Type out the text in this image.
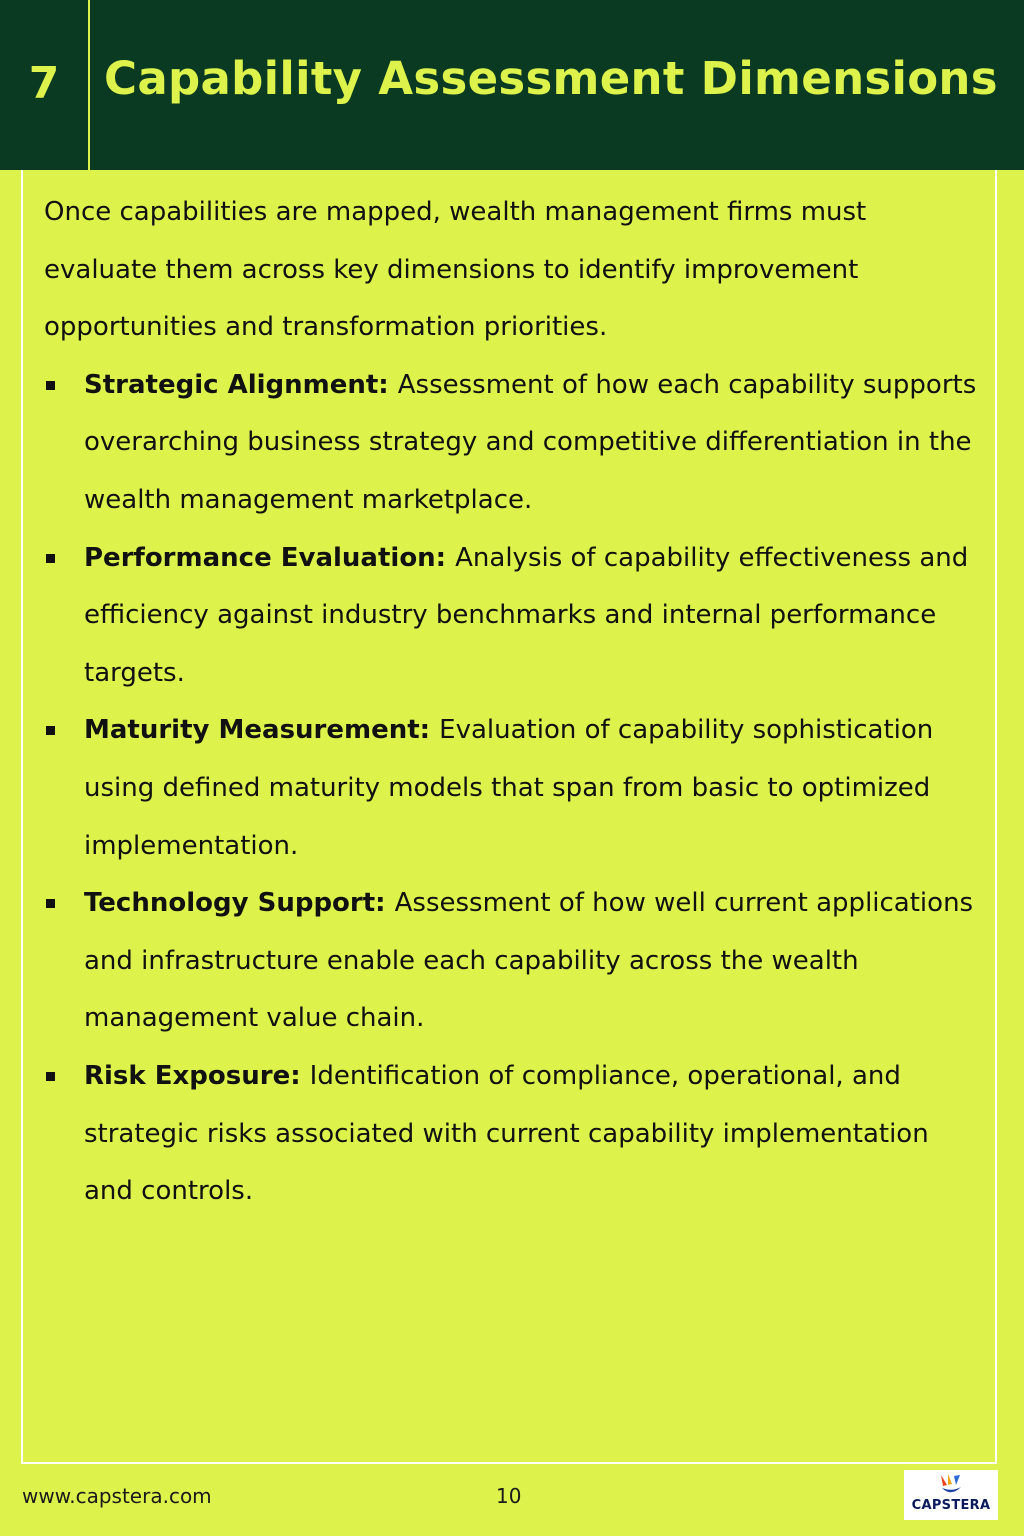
7 Capability Assessment Dimensions

Once capabilities are mapped, wealth management firms must evaluate them across key dimensions to identify improvement opportunities and transformation priorities.

Strategic Alignment: Assessment of how each capability supports overarching business strategy and competitive differentiation in the wealth management marketplace.
Performance Evaluation: Analysis of capability effectiveness and efficiency against industry benchmarks and internal performance targets.
Maturity Measurement: Evaluation of capability sophistication using defined maturity models that span from basic to optimized implementation.
Technology Support: Assessment of how well current applications and infrastructure enable each capability across the wealth management value chain.
Risk Exposure: Identification of compliance, operational, and strategic risks associated with current capability implementation and controls.
www.capstera.com	10	CAPSTERA
